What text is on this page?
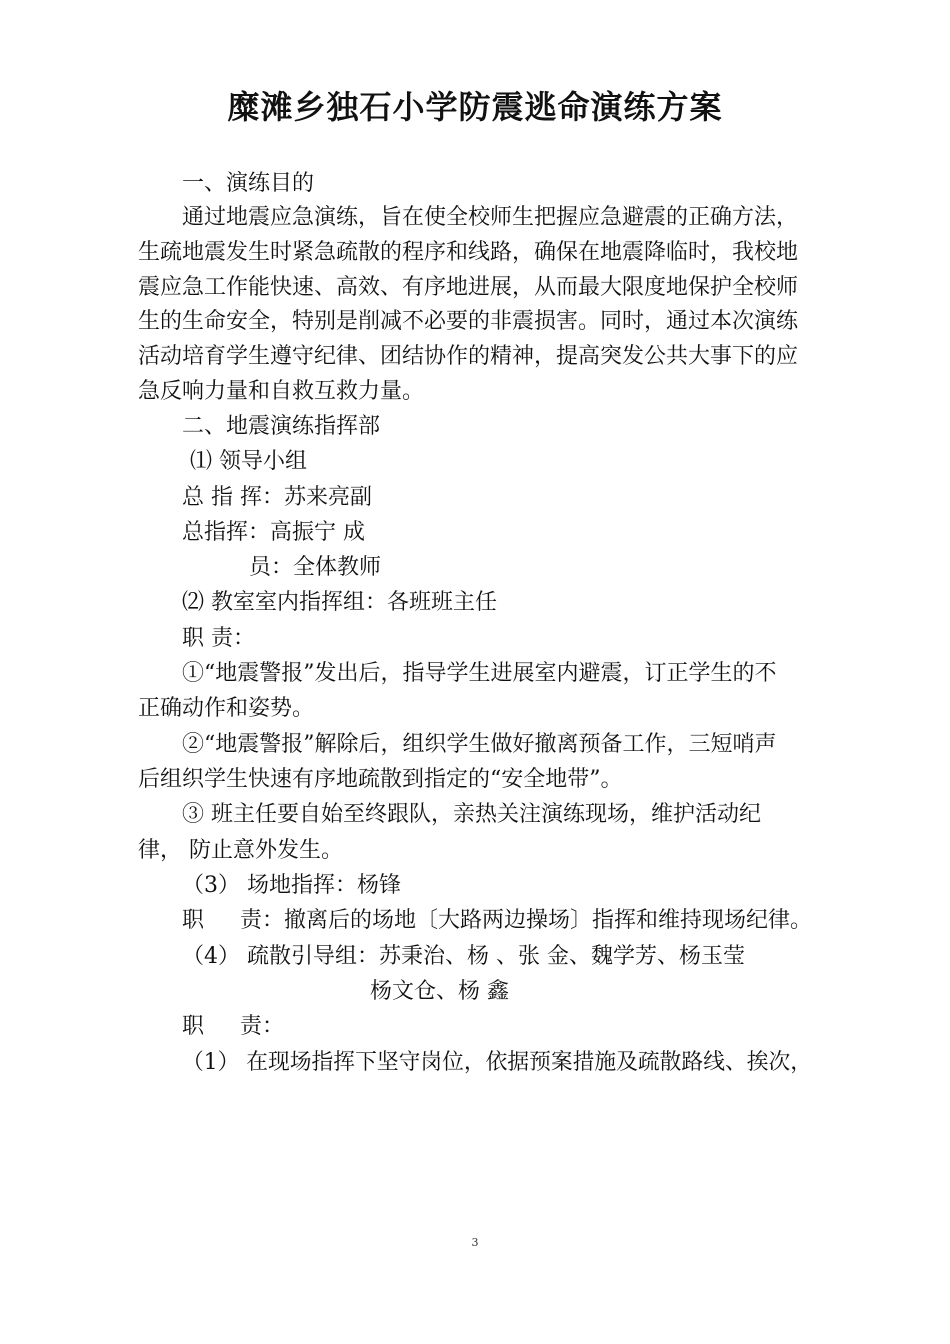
糜滩乡独石小学防震逃命演练方案
一、演练目的
通过地震应急演练，旨在使全校师生把握应急避震的正确方法，
生疏地震发生时紧急疏散的程序和线路，确保在地震降临时，我校地
震应急工作能快速、高效、有序地进展，从而最大限度地保护全校师
生的生命安全，特别是削减不必要的非震损害。同时，通过本次演练
活动培育学生遵守纪律、团结协作的精神，提高突发公共大事下的应
急反响力量和自救互救力量。
二、地震演练指挥部
⑴ 领导小组
总 指 挥：苏来亮副
总指挥：高振宁 成
员：全体教师
⑵ 教室室内指挥组：各班班主任
职 责：
①“地震警报”发出后，指导学生进展室内避震，订正学生的不
正确动作和姿势。
②“地震警报”解除后，组织学生做好撤离预备工作，三短哨声
后组织学生快速有序地疏散到指定的“安全地带”。
③ 班主任要自始至终跟队，亲热关注演练现场，维护活动纪
律， 防止意外发生。
（3） 场地指挥：杨锋
职 　 责：撤离后的场地〔大路两边操场〕指挥和维持现场纪律。
（4） 疏散引导组：苏秉治、杨 、张 金、魏学芳、杨玉莹
杨文仓、杨 鑫
职 　 责：
（1） 在现场指挥下坚守岗位，依据预案措施及疏散路线、挨次，
3
